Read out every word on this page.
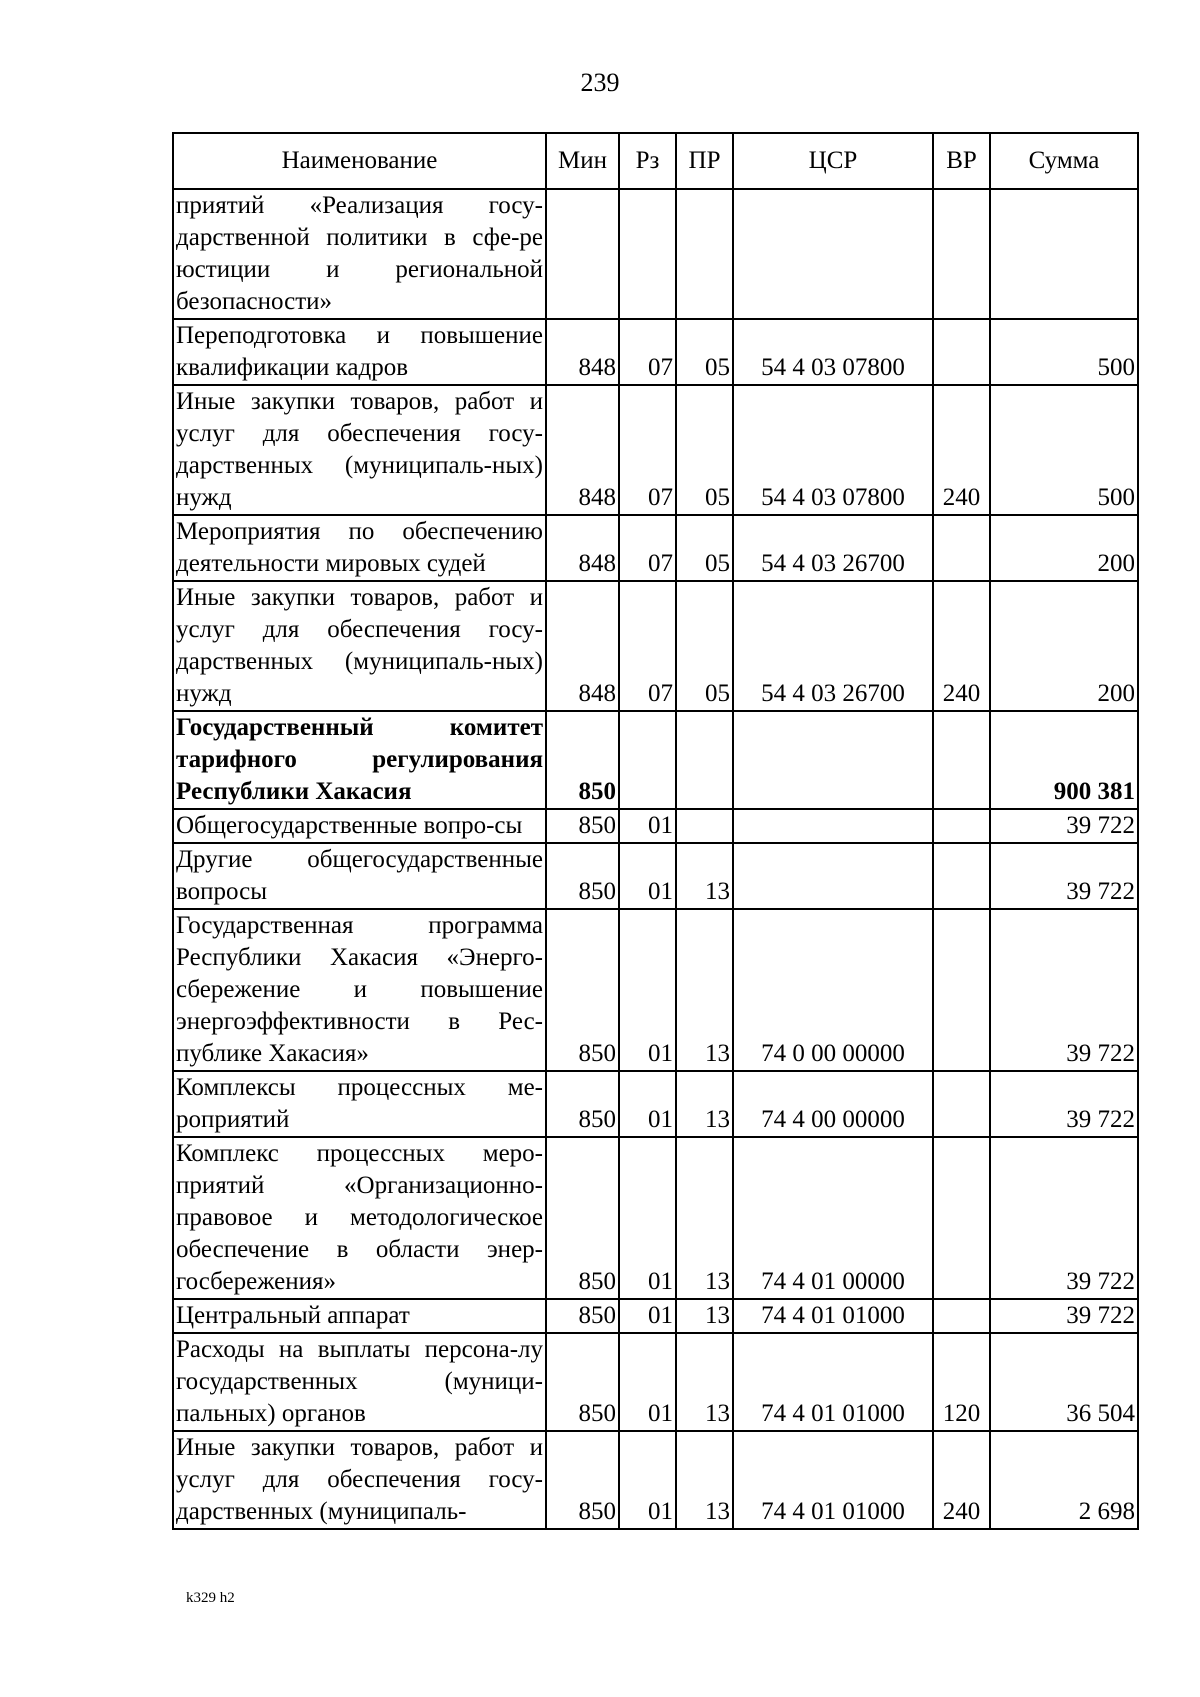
239
Наименование	Мин	Рз	ПР	ЦСР	ВР	Сумма
приятий «Реализация госу-дарственной политики в сфе-ре юстиции и региональной безопасности»						
Переподготовка и повышение квалификации кадров	848	07	05	54 4 03 07800		500
Иные закупки товаров, работ и услуг для обеспечения госу-дарственных (муниципаль-ных) нужд	848	07	05	54 4 03 07800	240	500
Мероприятия по обеспечению деятельности мировых судей	848	07	05	54 4 03 26700		200
Иные закупки товаров, работ и услуг для обеспечения госу-дарственных (муниципаль-ных) нужд	848	07	05	54 4 03 26700	240	200
Государственный комитет тарифного регулирования Республики Хакасия	850					900 381
Общегосударственные вопро-сы	850	01				39 722
Другие общегосударственные вопросы	850	01	13			39 722
Государственная программа Республики Хакасия «Энерго-сбережение и повышение энергоэффективности в Рес-публике Хакасия»	850	01	13	74 0 00 00000		39 722
Комплексы процессных ме-роприятий	850	01	13	74 4 00 00000		39 722
Комплекс процессных меро-приятий «Организационно-правовое и методологическое обеспечение в области энер-госбережения»	850	01	13	74 4 01 00000		39 722
Центральный аппарат	850	01	13	74 4 01 01000		39 722
Расходы на выплаты персона-лу государственных (муници-пальных) органов	850	01	13	74 4 01 01000	120	36 504
Иные закупки товаров, работ и услуг для обеспечения госу-дарственных (муниципаль-	850	01	13	74 4 01 01000	240	2 698
k329 h2
